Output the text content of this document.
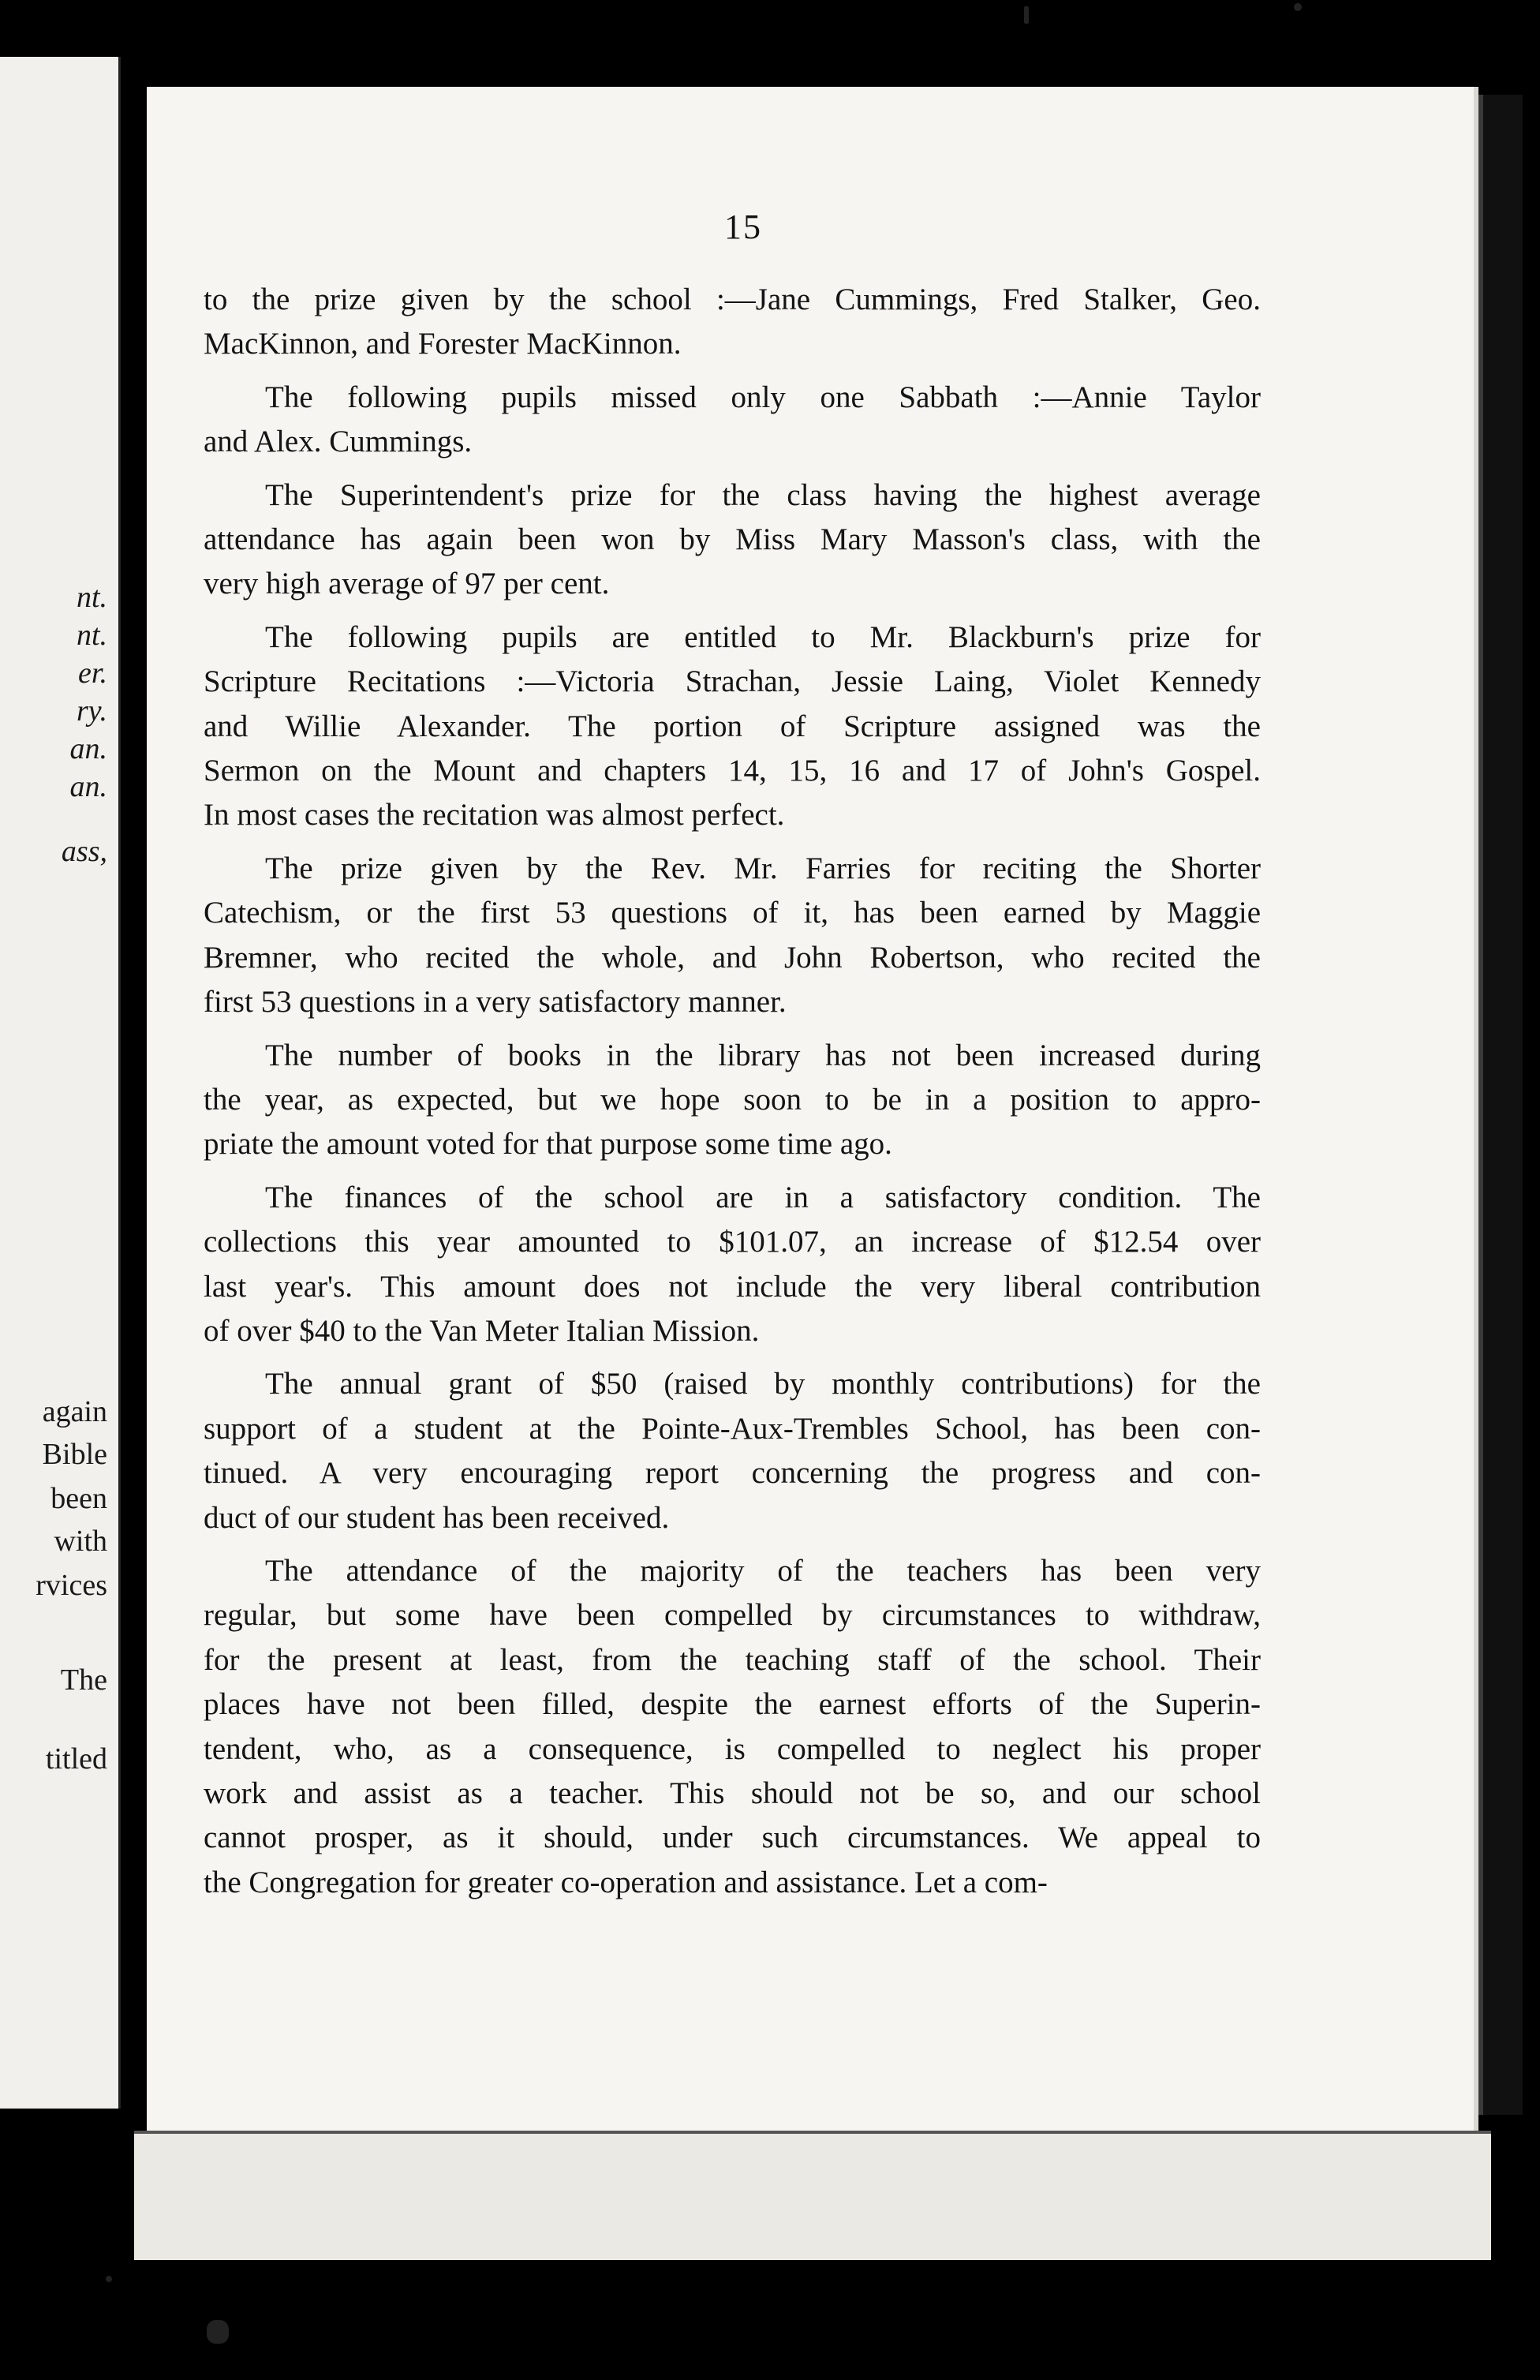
nt.
nt.
er.
ry.
an.
an.
ass,
again
Bible
been
with
rvices
The
titled
15
to the prize given by the school :—Jane Cummings, Fred Stalker, Geo.
MacKinnon, and Forester MacKinnon.
The following pupils missed only one Sabbath :—Annie Taylor
and Alex. Cummings.
The Superintendent's prize for the class having the highest average
attendance has again been won by Miss Mary Masson's class, with the
very high average of 97 per cent.
The following pupils are entitled to Mr. Blackburn's prize for
Scripture Recitations :—Victoria Strachan, Jessie Laing, Violet Kennedy
and Willie Alexander. The portion of Scripture assigned was the
Sermon on the Mount and chapters 14, 15, 16 and 17 of John's Gospel.
In most cases the recitation was almost perfect.
The prize given by the Rev. Mr. Farries for reciting the Shorter
Catechism, or the first 53 questions of it, has been earned by Maggie
Bremner, who recited the whole, and John Robertson, who recited the
first 53 questions in a very satisfactory manner.
The number of books in the library has not been increased during
the year, as expected, but we hope soon to be in a position to appro-
priate the amount voted for that purpose some time ago.
The finances of the school are in a satisfactory condition. The
collections this year amounted to $101.07, an increase of $12.54 over
last year's. This amount does not include the very liberal contribution
of over $40 to the Van Meter Italian Mission.
The annual grant of $50 (raised by monthly contributions) for the
support of a student at the Pointe-Aux-Trembles School, has been con-
tinued. A very encouraging report concerning the progress and con-
duct of our student has been received.
The attendance of the majority of the teachers has been very
regular, but some have been compelled by circumstances to withdraw,
for the present at least, from the teaching staff of the school. Their
places have not been filled, despite the earnest efforts of the Superin-
tendent, who, as a consequence, is compelled to neglect his proper
work and assist as a teacher. This should not be so, and our school
cannot prosper, as it should, under such circumstances. We appeal to
the Congregation for greater co-operation and assistance. Let a com-
